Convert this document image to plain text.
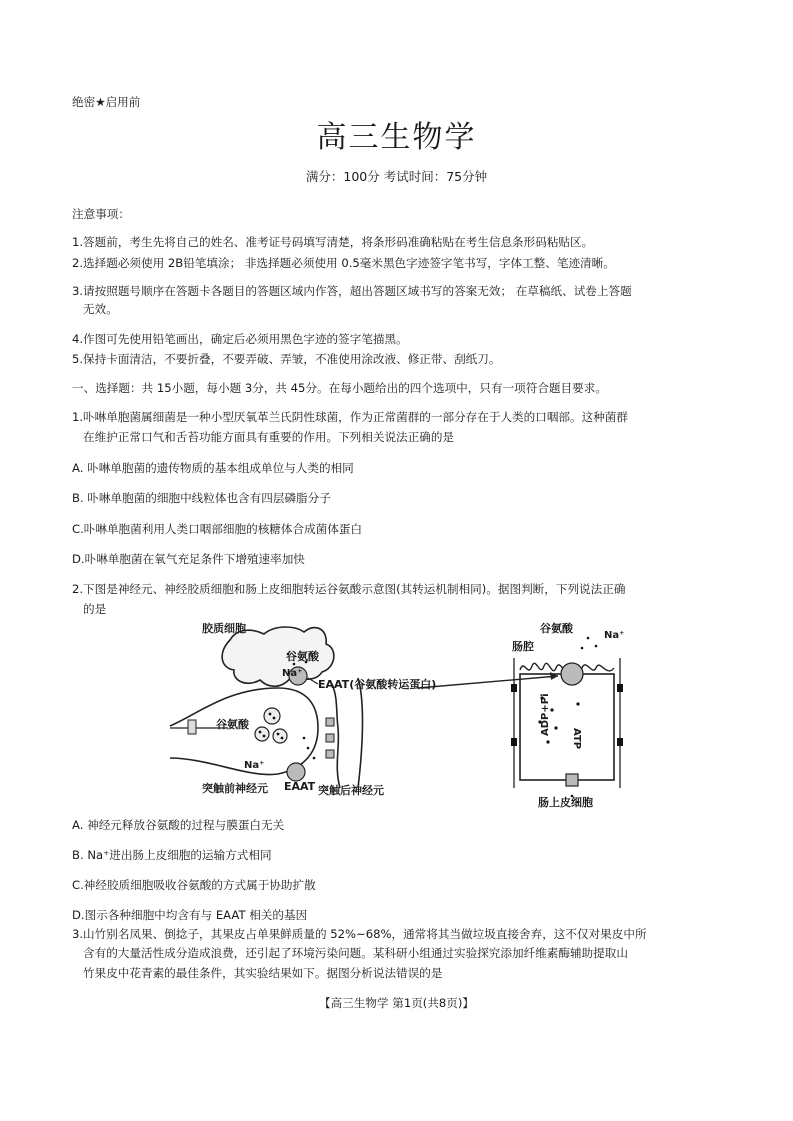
绝密★启用前
高三生物学
满分：100分 考试时间：75分钟
注意事项：
1.答题前，考生先将自己的姓名、准考证号码填写清楚，将条形码准确粘贴在考生信息条形码粘贴区。
2.选择题必须使用 2B铅笔填涂； 非选择题必须使用 0.5毫米黑色字迹签字笔书写，字体工整、笔迹清晰。
3.请按照题号顺序在答题卡各题目的答题区域内作答，超出答题区域书写的答案无效； 在草稿纸、试卷上答题
无效。
4.作图可先使用铅笔画出，确定后必须用黑色字迹的签字笔描黑。
5.保持卡面清洁，不要折叠，不要弄破、弄皱，不准使用涂改液、修正带、刮纸刀。
一、选择题：共 15小题，每小题 3分，共 45分。在每小题给出的四个选项中，只有一项符合题目要求。
1.卟啉单胞菌属细菌是一种小型厌氧革兰氏阴性球菌，作为正常菌群的一部分存在于人类的口咽部。这种菌群
在维护正常口气和舌苔功能方面具有重要的作用。下列相关说法正确的是
A. 卟啉单胞菌的遗传物质的基本组成单位与人类的相同
B. 卟啉单胞菌的细胞中线粒体也含有四层磷脂分子
C.卟啉单胞菌利用人类口咽部细胞的核糖体合成菌体蛋白
D.卟啉单胞菌在氧气充足条件下增殖速率加快
2.下图是神经元、神经胶质细胞和肠上皮细胞转运谷氨酸示意图(其转运机制相同)。据图判断，下列说法正确
的是
胶质细胞
谷氨酸
Na⁺
EAAT(谷氨酸转运蛋白)
谷氨酸
Na⁺
EAAT
突触前神经元	突触后神经元
肠腔
谷氨酸
Na⁺
ADP+Pi
ATP
肠上皮细胞
A. 神经元释放谷氨酸的过程与膜蛋白无关
B. Na⁺进出肠上皮细胞的运输方式相同
C.神经胶质细胞吸收谷氨酸的方式属于协助扩散
D.图示各种细胞中均含有与 EAAT 相关的基因
3.山竹别名凤果、倒捻子，其果皮占单果鲜质量的 52%~68%，通常将其当做垃圾直接舍弃，这不仅对果皮中所
含有的大量活性成分造成浪费，还引起了环境污染问题。某科研小组通过实验探究添加纤维素酶辅助提取山
竹果皮中花青素的最佳条件，其实验结果如下。据图分析说法错误的是
【高三生物学 第1页(共8页)】
